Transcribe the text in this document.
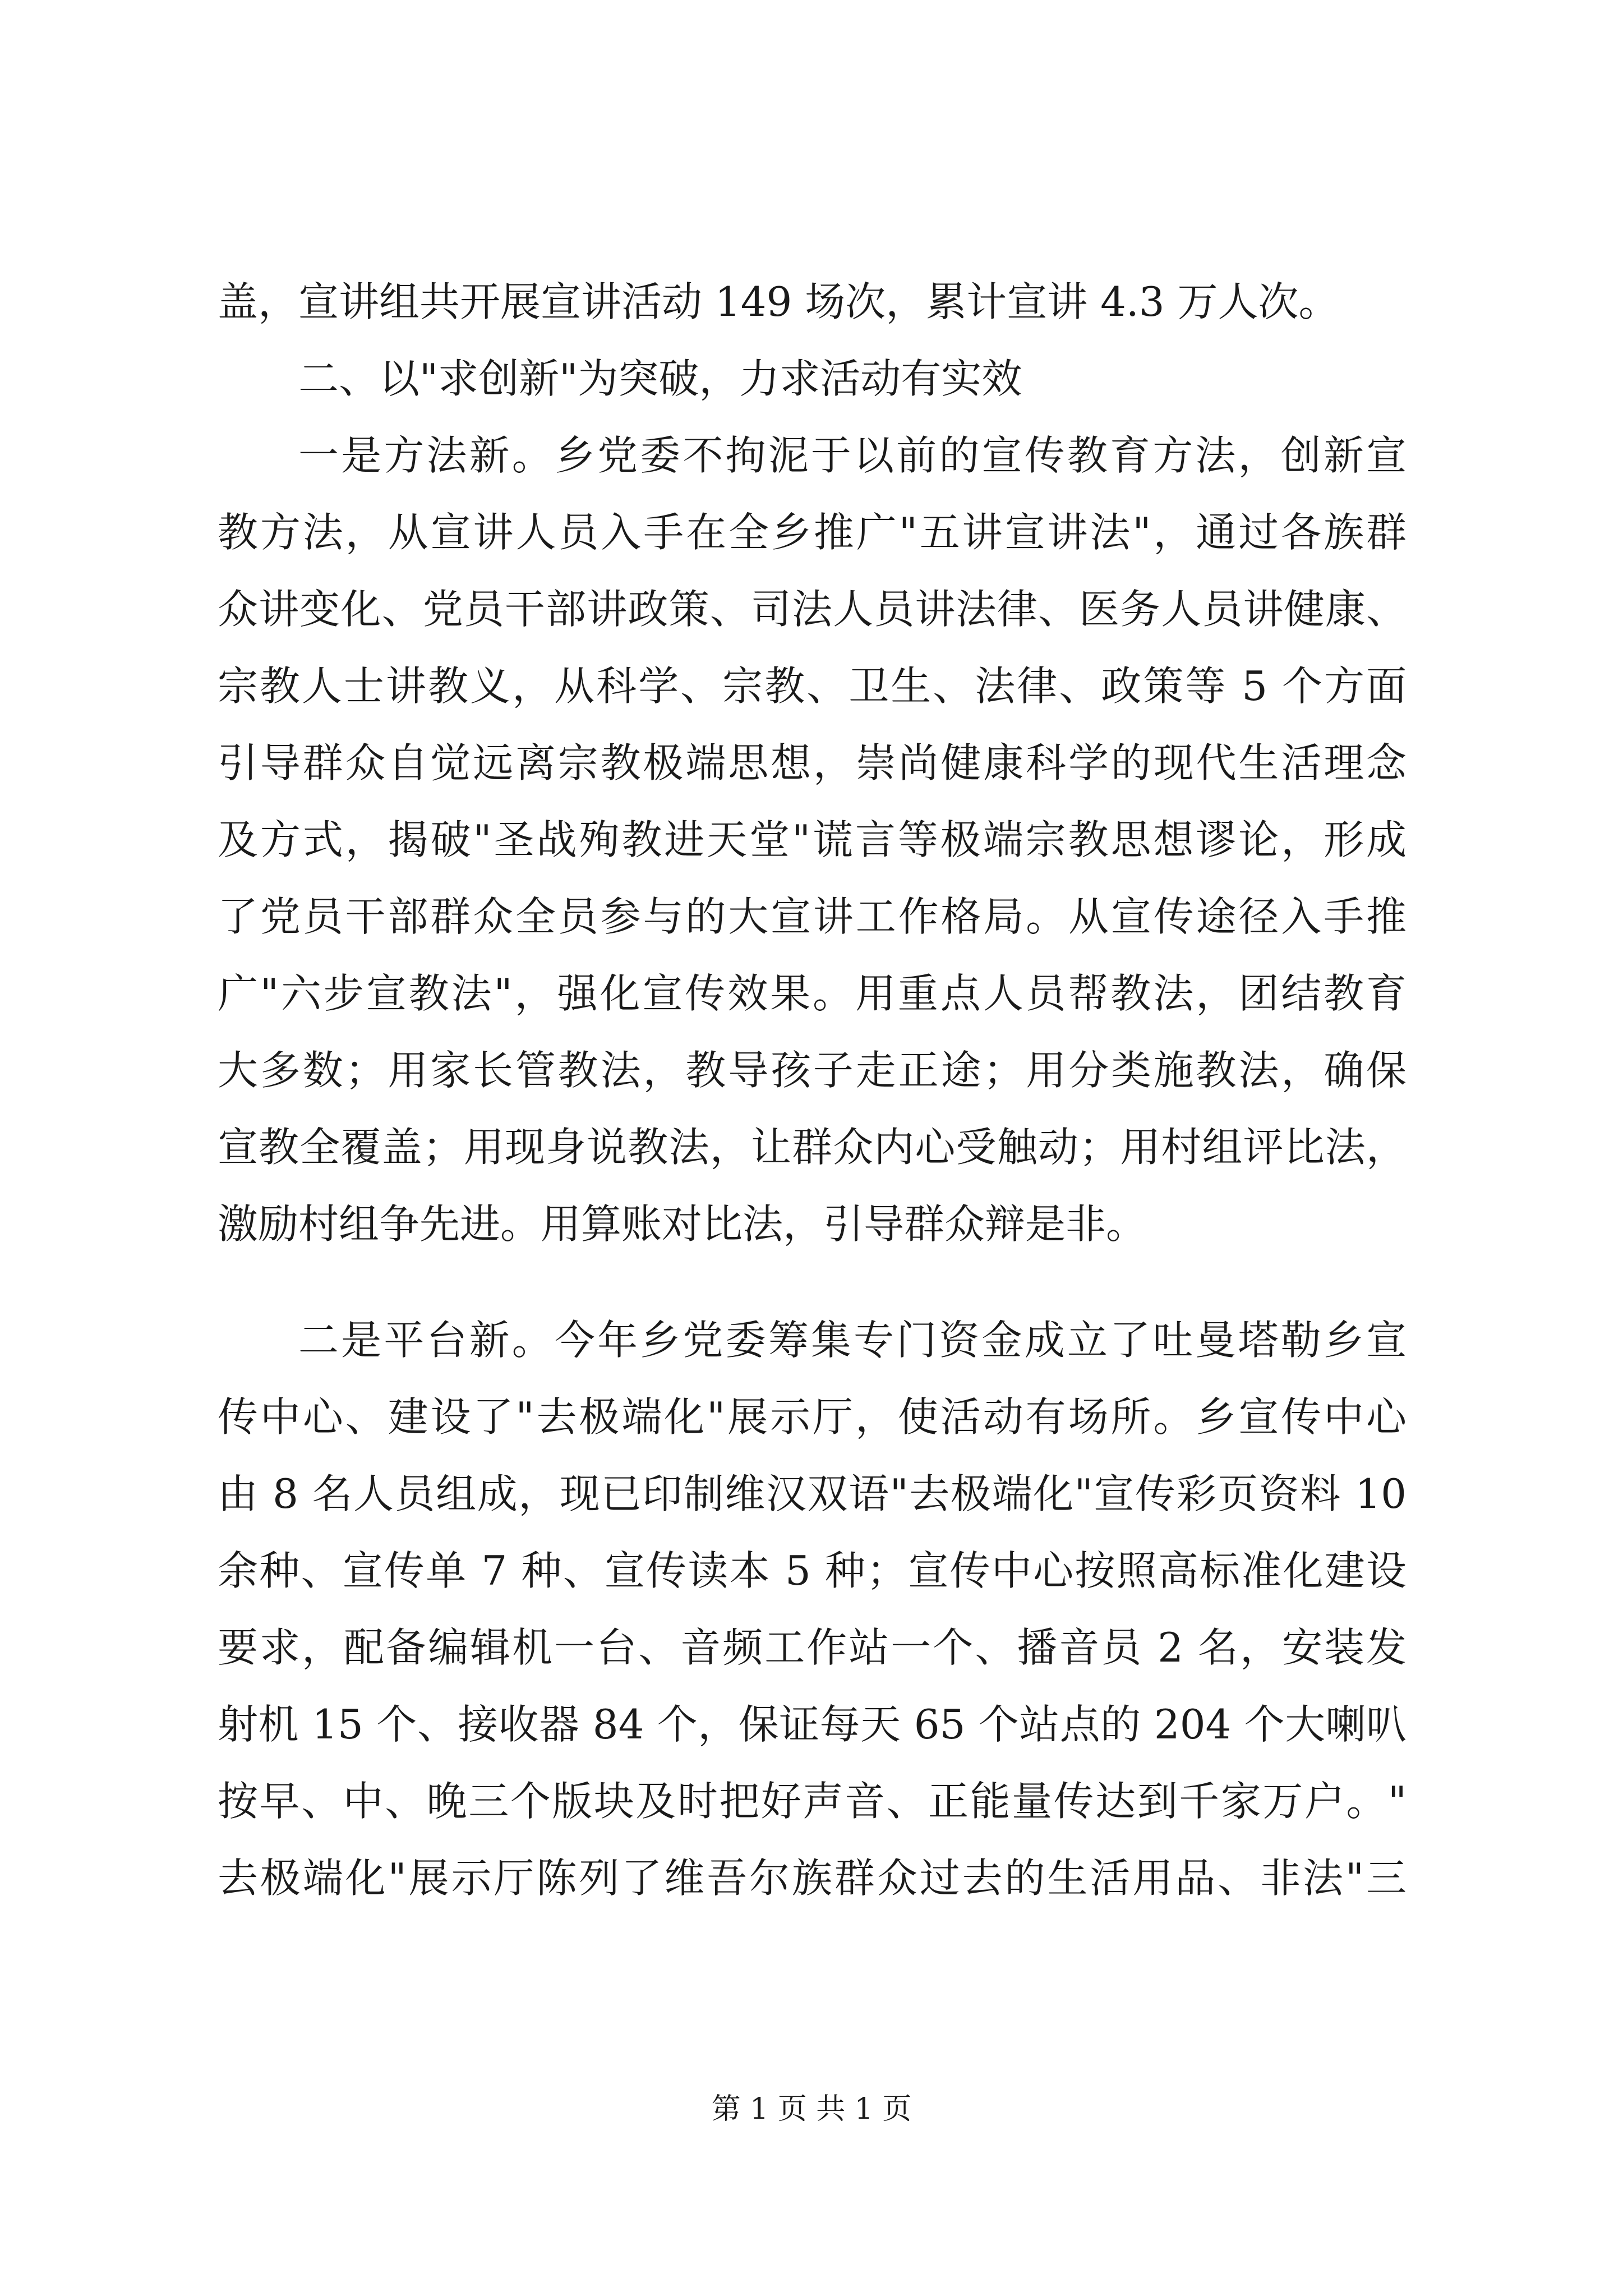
盖，宣讲组共开展宣讲活动 149 场次，累计宣讲 4.3 万人次。
二、以"求创新"为突破，力求活动有实效
一是方法新。乡党委不拘泥于以前的宣传教育方法，创新宣
教方法，从宣讲人员入手在全乡推广"五讲宣讲法"，通过各族群
众讲变化、党员干部讲政策、司法人员讲法律、医务人员讲健康、
宗教人士讲教义，从科学、宗教、卫生、法律、政策等 5 个方面
引导群众自觉远离宗教极端思想，崇尚健康科学的现代生活理念
及方式，揭破"圣战殉教进天堂"谎言等极端宗教思想谬论，形成
了党员干部群众全员参与的大宣讲工作格局。从宣传途径入手推
广"六步宣教法"，强化宣传效果。用重点人员帮教法，团结教育
大多数；用家长管教法，教导孩子走正途；用分类施教法，确保
宣教全覆盖；用现身说教法，让群众内心受触动；用村组评比法，
激励村组争先进。用算账对比法，引导群众辩是非。
二是平台新。今年乡党委筹集专门资金成立了吐曼塔勒乡宣
传中心、建设了"去极端化"展示厅，使活动有场所。乡宣传中心
由 8 名人员组成，现已印制维汉双语"去极端化"宣传彩页资料 10
余种、宣传单 7 种、宣传读本 5 种；宣传中心按照高标准化建设
要求，配备编辑机一台、音频工作站一个、播音员 2 名，安装发
射机 15 个、接收器 84 个，保证每天 65 个站点的 204 个大喇叭
按早、中、晚三个版块及时把好声音、正能量传达到千家万户。"
去极端化"展示厅陈列了维吾尔族群众过去的生活用品、非法"三
第 1 页 共 1 页
